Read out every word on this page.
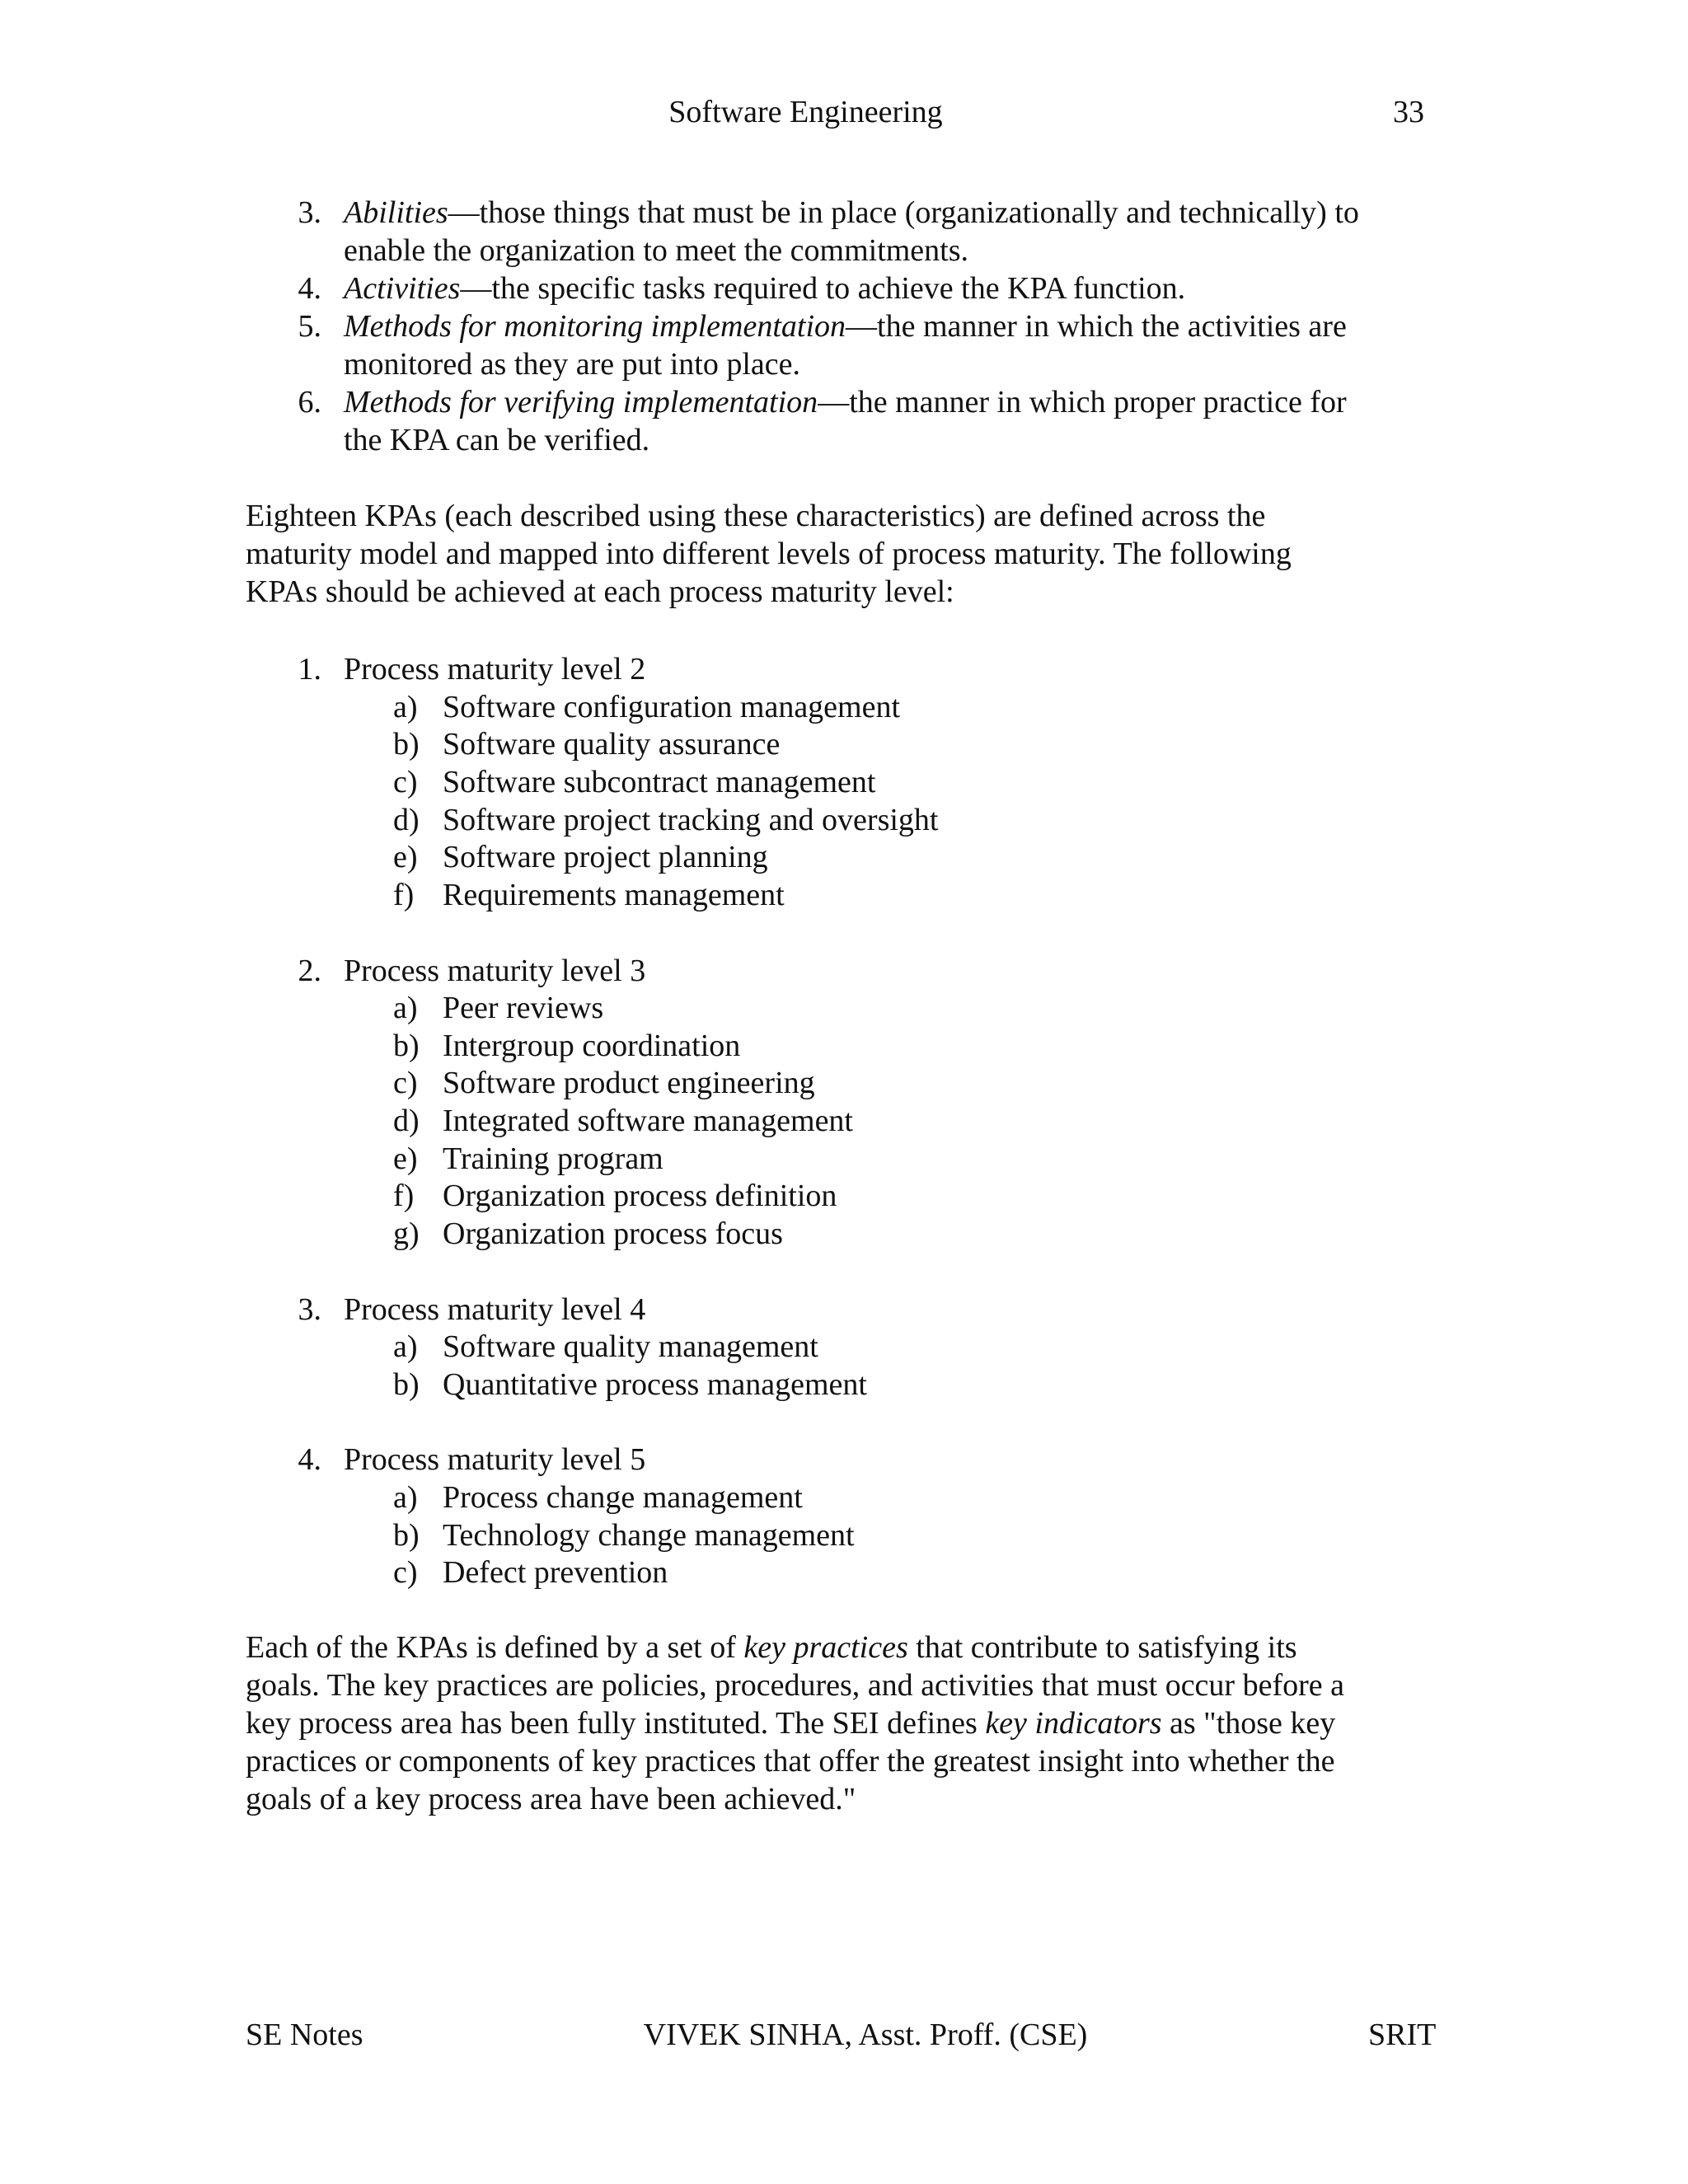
Software Engineering	33
3. Abilities—those things that must be in place (organizationally and technically) to
enable the organization to meet the commitments.
4. Activities—the specific tasks required to achieve the KPA function.
5. Methods for monitoring implementation—the manner in which the activities are
monitored as they are put into place.
6. Methods for verifying implementation—the manner in which proper practice for
the KPA can be verified.
Eighteen KPAs (each described using these characteristics) are defined across the
maturity model and mapped into different levels of process maturity. The following
KPAs should be achieved at each process maturity level:
1. Process maturity level 2
a) Software configuration management
b) Software quality assurance
c) Software subcontract management
d) Software project tracking and oversight
e) Software project planning
f) Requirements management
2. Process maturity level 3
a) Peer reviews
b) Intergroup coordination
c) Software product engineering
d) Integrated software management
e) Training program
f) Organization process definition
g) Organization process focus
3. Process maturity level 4
a) Software quality management
b) Quantitative process management
4. Process maturity level 5
a) Process change management
b) Technology change management
c) Defect prevention
Each of the KPAs is defined by a set of key practices that contribute to satisfying its
goals. The key practices are policies, procedures, and activities that must occur before a
key process area has been fully instituted. The SEI defines key indicators as "those key
practices or components of key practices that offer the greatest insight into whether the
goals of a key process area have been achieved."
SE Notes	VIVEK SINHA, Asst. Proff. (CSE)	SRIT
